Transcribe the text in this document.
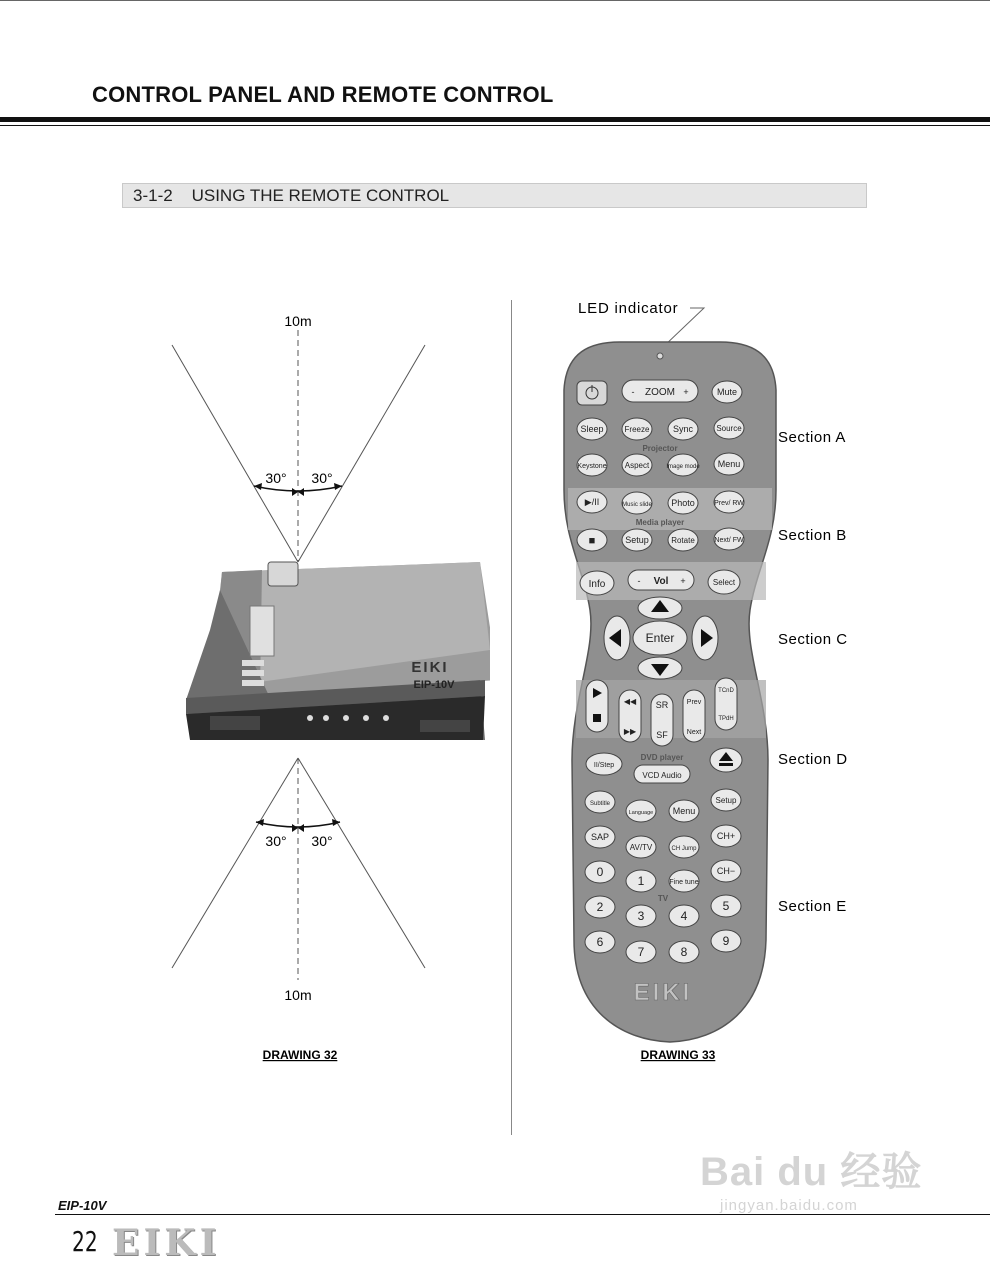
CONTROL PANEL AND REMOTE CONTROL
3-1-2    USING THE REMOTE CONTROL
10m
30° 30°
EIKI
EIP-10V
30° 30°
10m
DRAWING 32
LED indicator
- ZOOM +	Mute
Sleep	Freeze	Sync	Source
Projector
Keystone Aspect	Image mode Menu
▶/II	Music slide Photo	Prev/ RW
Media player
■	Setup	Rotate	Next/ FW
Info	- Vol +	Select
Enter
◀◀
▶▶
SR
SF
Prev
Next
TCnD
TPdH
II/Step
DVD player
VCD Audio
Subtitle
Language Menu
Setup
SAP
AV/TV	CH Jump
CH+
0
1	Fine tune
CH−
2
TV
3	4
5
6
7	8
9
EIKI
Section A
Section B
Section C
Section D
Section E
DRAWING 33
Bai du 经验
jingyan.baidu.com
EIP-10V
22 EIKI
